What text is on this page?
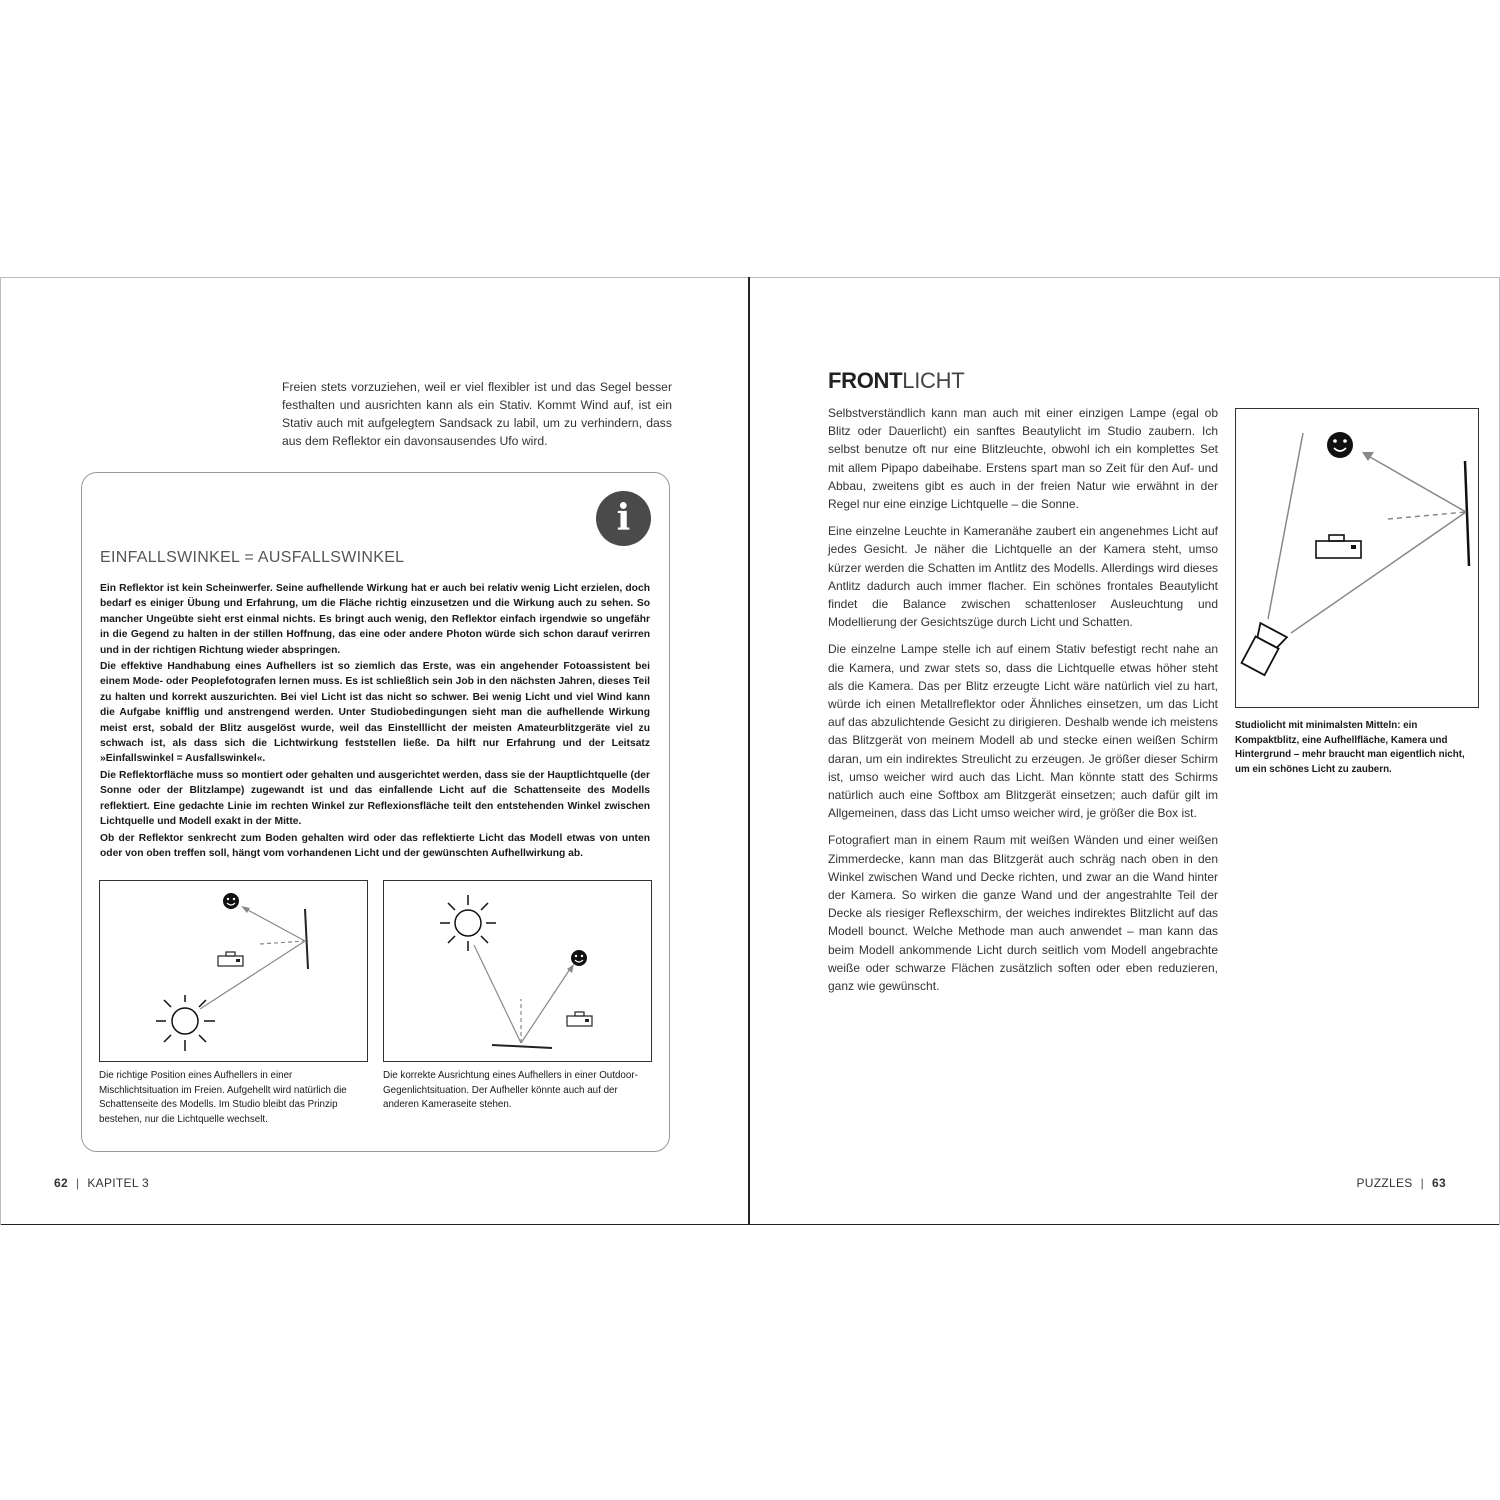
Freien stets vorzuziehen, weil er viel flexibler ist und das Segel besser festhalten und ausrichten kann als ein Stativ. Kommt Wind auf, ist ein Stativ auch mit aufgelegtem Sandsack zu labil, um zu verhindern, dass aus dem Reflektor ein davonsausendes Ufo wird.

i
EINFALLSWINKEL = AUSFALLSWINKEL

Ein Reflektor ist kein Scheinwerfer. Seine aufhellende Wirkung hat er auch bei relativ wenig Licht erzielen, doch bedarf es einiger Übung und Erfahrung, um die Fläche richtig einzusetzen und die Wirkung auch zu sehen. So mancher Ungeübte sieht erst einmal nichts. Es bringt auch wenig, den Reflektor einfach irgendwie so ungefähr in die Gegend zu halten in der stillen Hoffnung, das eine oder andere Photon würde sich schon darauf verirren und in der richtigen Richtung wieder abspringen.

Die effektive Handhabung eines Aufhellers ist so ziemlich das Erste, was ein angehender Fotoassistent bei einem Mode- oder Peoplefotografen lernen muss. Es ist schließlich sein Job in den nächsten Jahren, dieses Teil zu halten und korrekt auszurichten. Bei viel Licht ist das nicht so schwer. Bei wenig Licht und viel Wind kann die Aufgabe knifflig und anstrengend werden. Unter Studiobedingungen sieht man die aufhellende Wirkung meist erst, sobald der Blitz ausgelöst wurde, weil das Einstelllicht der meisten Amateurblitzgeräte viel zu schwach ist, als dass sich die Lichtwirkung feststellen ließe. Da hilft nur Erfahrung und der Leitsatz »Einfallswinkel = Ausfallswinkel«.

Die Reflektorfläche muss so montiert oder gehalten und ausgerichtet werden, dass sie der Hauptlichtquelle (der Sonne oder der Blitzlampe) zugewandt ist und das einfallende Licht auf die Schattenseite des Modells reflektiert. Eine gedachte Linie im rechten Winkel zur Reflexionsfläche teilt den entstehenden Winkel zwischen Lichtquelle und Modell exakt in der Mitte.

Ob der Reflektor senkrecht zum Boden gehalten wird oder das reflektierte Licht das Modell etwas von unten oder von oben treffen soll, hängt vom vorhandenen Licht und der gewünschten Aufhellwirkung ab.

Die richtige Position eines Aufhellers in einer Mischlichtsituation im Freien. Aufgehellt wird natürlich die Schattenseite des Modells. Im Studio bleibt das Prinzip bestehen, nur die Lichtquelle wechselt.

Die korrekte Ausrichtung eines Aufhellers in einer Outdoor-Gegenlichtsituation. Der Aufheller könnte auch auf der anderen Kameraseite stehen.

62 | KAPITEL 3
FRONTLICHT

Selbstverständlich kann man auch mit einer einzigen Lampe (egal ob Blitz oder Dauerlicht) ein sanftes Beautylicht im Studio zaubern. Ich selbst benutze oft nur eine Blitzleuchte, obwohl ich ein komplettes Set mit allem Pipapo dabeihabe. Erstens spart man so Zeit für den Auf- und Abbau, zweitens gibt es auch in der freien Natur wie erwähnt in der Regel nur eine einzige Lichtquelle – die Sonne.

Eine einzelne Leuchte in Kameranähe zaubert ein angenehmes Licht auf jedes Gesicht. Je näher die Lichtquelle an der Kamera steht, umso kürzer werden die Schatten im Antlitz des Modells. Allerdings wird dieses Antlitz dadurch auch immer flacher. Ein schönes frontales Beautylicht findet die Balance zwischen schattenloser Ausleuchtung und Modellierung der Gesichtszüge durch Licht und Schatten.

Die einzelne Lampe stelle ich auf einem Stativ befestigt recht nahe an die Kamera, und zwar stets so, dass die Lichtquelle etwas höher steht als die Kamera. Das per Blitz erzeugte Licht wäre natürlich viel zu hart, würde ich einen Metallreflektor oder Ähnliches einsetzen, um das Licht auf das abzulichtende Gesicht zu dirigieren. Deshalb wende ich meistens das Blitzgerät von meinem Modell ab und stecke einen weißen Schirm daran, um ein indirektes Streulicht zu erzeugen. Je größer dieser Schirm ist, umso weicher wird auch das Licht. Man könnte statt des Schirms natürlich auch eine Softbox am Blitzgerät einsetzen; auch dafür gilt im Allgemeinen, dass das Licht umso weicher wird, je größer die Box ist.

Fotografiert man in einem Raum mit weißen Wänden und einer weißen Zimmerdecke, kann man das Blitzgerät auch schräg nach oben in den Winkel zwischen Wand und Decke richten, und zwar an die Wand hinter der Kamera. So wirken die ganze Wand und der angestrahlte Teil der Decke als riesiger Reflexschirm, der weiches indirektes Blitzlicht auf das Modell bounct. Welche Methode man auch anwendet – man kann das beim Modell ankommende Licht durch seitlich vom Modell angebrachte weiße oder schwarze Flächen zusätzlich soften oder eben reduzieren, ganz wie gewünscht.

Studiolicht mit minimalsten Mitteln: ein Kompaktblitz, eine Aufhellfläche, Kamera und Hintergrund – mehr braucht man eigentlich nicht, um ein schönes Licht zu zaubern.

PUZZLES | 63
